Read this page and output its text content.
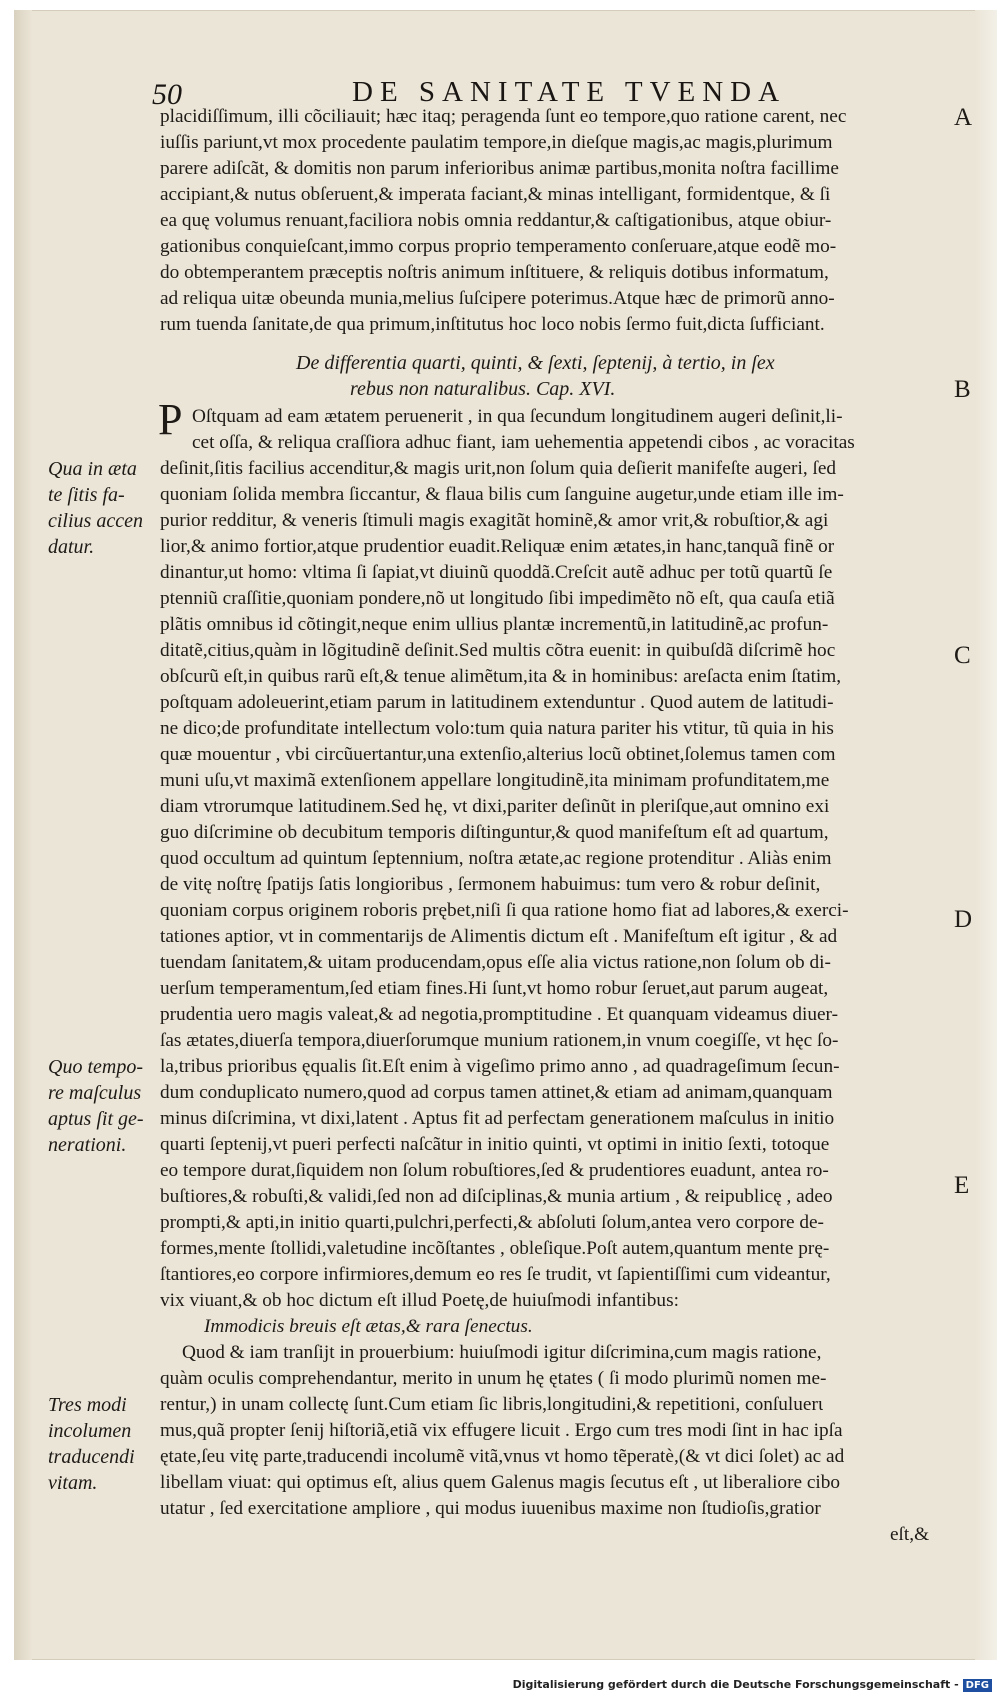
50	DE SANITATE TVENDA
placidiſſimum, illi cõciliauit; hæc itaq; peragenda ſunt eo tempore,quo ratione carent, nec
iuſſis pariunt,vt mox procedente paulatim tempore,in dieſque magis,ac magis,plurimum
parere adiſcãt, & domitis non parum inferioribus animæ partibus,monita noſtra facillime
accipiant,& nutus obſeruent,& imperata faciant,& minas intelligant, formidentque, & ſi
ea quę volumus renuant,faciliora nobis omnia reddantur,& caſtigationibus, atque obiur-
gationibus conquieſcant,immo corpus proprio temperamento conſeruare,atque eodẽ mo-
do obtemperantem præceptis noſtris animum inſtituere, & reliquis dotibus informatum,
ad reliqua uitæ obeunda munia,melius ſuſcipere poterimus.Atque hæc de primorũ anno-
rum tuenda ſanitate,de qua primum,inſtitutus hoc loco nobis ſermo fuit,dicta ſufficiant.
De differentia quarti, quinti, & ſexti, ſeptenij, à tertio, in ſex
rebus non naturalibus. Cap. XVI.
P Oſtquam ad eam ætatem peruenerit , in qua ſecundum longitudinem augeri deſinit,li-
cet oſſa, & reliqua craſſiora adhuc fiant, iam uehementia appetendi cibos , ac voracitas
deſinit,ſitis facilius accenditur,& magis urit,non ſolum quia deſierit manifeſte augeri, ſed
quoniam ſolida membra ſiccantur, & flaua bilis cum ſanguine augetur,unde etiam ille im-
purior redditur, & veneris ſtimuli magis exagitãt hominẽ,& amor vrit,& robuſtior,& agi
lior,& animo fortior,atque prudentior euadit.Reliquæ enim ætates,in hanc,tanquã finẽ or
dinantur,ut homo: vltima ſi ſapiat,vt diuinũ quoddã.Creſcit autẽ adhuc per totũ quartũ ſe
ptenniũ craſſitie,quoniam pondere,nõ ut longitudo ſibi impedimẽto nõ eſt, qua cauſa etiã
plãtis omnibus id cõtingit,neque enim ullius plantæ incrementũ,in latitudinẽ,ac profun-
ditatẽ,citius,quàm in lõgitudinẽ deſinit.Sed multis cõtra euenit: in quibuſdã diſcrimẽ hoc
obſcurũ eſt,in quibus rarũ eſt,& tenue alimẽtum,ita & in hominibus: areſacta enim ſtatim,
poſtquam adoleuerint,etiam parum in latitudinem extenduntur . Quod autem de latitudi-
ne dico;de profunditate intellectum volo:tum quia natura pariter his vtitur, tũ quia in his
quæ mouentur , vbi circũuertantur,una extenſio,alterius locũ obtinet,ſolemus tamen com
muni uſu,vt maximã extenſionem appellare longitudinẽ,ita minimam profunditatem,me
diam vtrorumque latitudinem.Sed hę, vt dixi,pariter deſinũt in pleriſque,aut omnino exi
guo diſcrimine ob decubitum temporis diſtinguntur,& quod manifeſtum eſt ad quartum,
quod occultum ad quintum ſeptennium, noſtra ætate,ac regione protenditur . Aliàs enim
de vitę noſtrę ſpatijs ſatis longioribus , ſermonem habuimus: tum vero & robur deſinit,
quoniam corpus originem roboris prębet,niſi ſi qua ratione homo fiat ad labores,& exerci-
tationes aptior, vt in commentarijs de Alimentis dictum eſt . Manifeſtum eſt igitur , & ad
tuendam ſanitatem,& uitam producendam,opus eſſe alia victus ratione,non ſolum ob di-
uerſum temperamentum,ſed etiam fines.Hi ſunt,vt homo robur ſeruet,aut parum augeat,
prudentia uero magis valeat,& ad negotia,promptitudine . Et quanquam videamus diuer-
ſas ætates,diuerſa tempora,diuerſorumque munium rationem,in vnum coegiſſe, vt hęc ſo-
la,tribus prioribus ęqualis ſit.Eſt enim à vigeſimo primo anno , ad quadrageſimum ſecun-
dum conduplicato numero,quod ad corpus tamen attinet,& etiam ad animam,quanquam
minus diſcrimina, vt dixi,latent . Aptus fit ad perfectam generationem maſculus in initio
quarti ſeptenij,vt pueri perfecti naſcãtur in initio quinti, vt optimi in initio ſexti, totoque
eo tempore durat,ſiquidem non ſolum robuſtiores,ſed & prudentiores euadunt, antea ro-
buſtiores,& robuſti,& validi,ſed non ad diſciplinas,& munia artium , & reipublicę , adeo
prompti,& apti,in initio quarti,pulchri,perfecti,& abſoluti ſolum,antea vero corpore de-
formes,mente ſtollidi,valetudine incõſtantes , obleſique.Poſt autem,quantum mente prę-
ſtantiores,eo corpore infirmiores,demum eo res ſe trudit, vt ſapientiſſimi cum videantur,
vix viuant,& ob hoc dictum eſt illud Poetę,de huiuſmodi infantibus:
Immodicis breuis eſt ætas,& rara ſenectus.
Quod & iam tranſijt in prouerbium: huiuſmodi igitur diſcrimina,cum magis ratione,
quàm oculis comprehendantur, merito in unum hę ętates ( ſi modo plurimũ nomen me-
rentur,) in unam collectę ſunt.Cum etiam ſic libris,longitudini,& repetitioni, conſuluerι
mus,quã propter ſenij hiſtoriã,etiã vix effugere licuit . Ergo cum tres modi ſint in hac ipſa
ętate,ſeu vitę parte,traducendi incolumẽ vitã,vnus vt homo tẽperatè,(& vt dici ſolet) ac ad
libellam viuat: qui optimus eſt, alius quem Galenus magis ſecutus eſt , ut liberaliore cibo
utatur , ſed exercitatione ampliore , qui modus iuuenibus maxime non ſtudioſis,gratior
eſt,&
Qua in æta
te ſitis fa-
cilius accen
datur.
Quo tempo-
re maſculus
aptus ſit ge-
nerationi.
Tres modi
incolumen
traducendi
vitam.
A
B
C
D
E
Digitalisierung gefördert durch die Deutsche Forschungsgemeinschaft - DFG
